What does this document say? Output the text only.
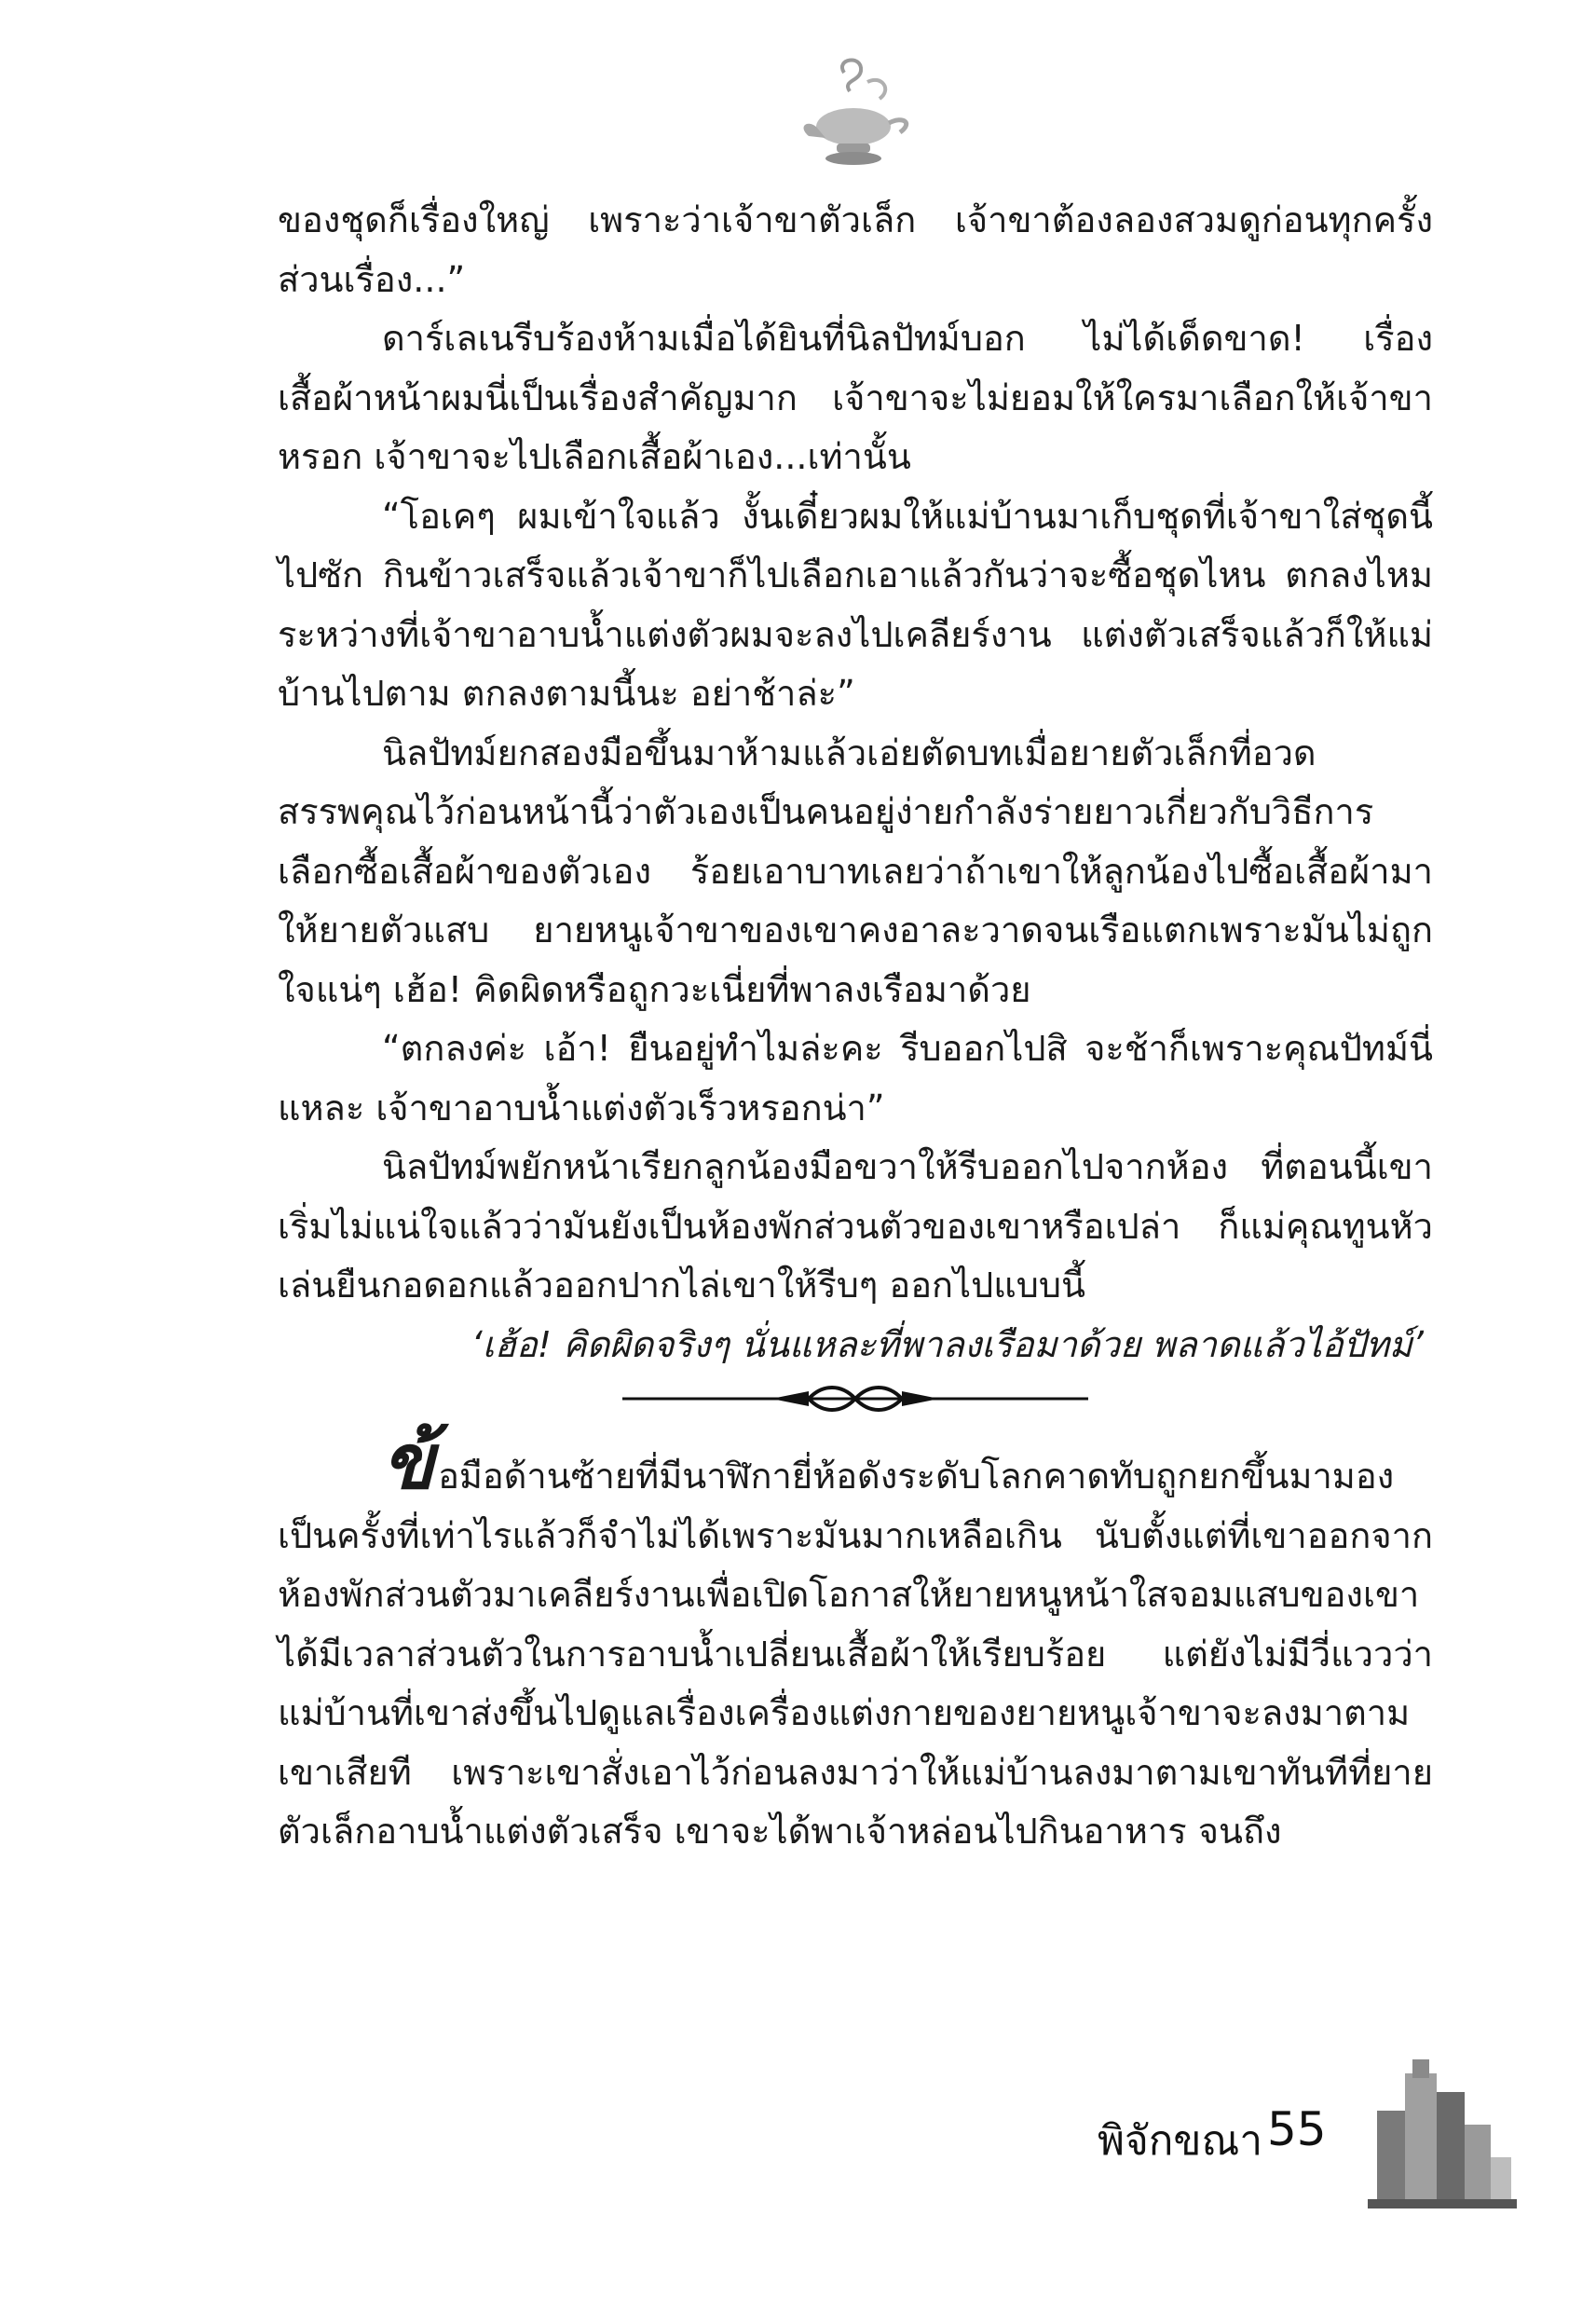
ของชุดก็เรื่องใหญ่ เพราะว่าเจ้าขาตัวเล็ก เจ้าขาต้องลองสวมดูก่อนทุกครั้ง ส่วนเรื่อง...”

ดาร์เลเนรีบร้องห้ามเมื่อได้ยินที่นิลปัทม์บอก ไม่ได้เด็ดขาด! เรื่องเสื้อผ้าหน้าผมนี่เป็นเรื่องสำคัญมาก เจ้าขาจะไม่ยอมให้ใครมาเลือกให้เจ้าขาหรอก เจ้าขาจะไปเลือกเสื้อผ้าเอง...เท่านั้น

“โอเคๆ ผมเข้าใจแล้ว งั้นเดี๋ยวผมให้แม่บ้านมาเก็บชุดที่เจ้าขาใส่ชุดนี้ไปซัก กินข้าวเสร็จแล้วเจ้าขาก็ไปเลือกเอาแล้วกันว่าจะซื้อชุดไหน ตกลงไหม ระหว่างที่เจ้าขาอาบน้ำแต่งตัวผมจะลงไปเคลียร์งาน แต่งตัวเสร็จแล้วก็ให้แม่บ้านไปตาม ตกลงตามนี้นะ อย่าช้าล่ะ”

นิลปัทม์ยกสองมือขึ้นมาห้ามแล้วเอ่ยตัดบทเมื่อยายตัวเล็กที่อวดสรรพคุณไว้ก่อนหน้านี้ว่าตัวเองเป็นคนอยู่ง่ายกำลังร่ายยาวเกี่ยวกับวิธีการเลือกซื้อเสื้อผ้าของตัวเอง ร้อยเอาบาทเลยว่าถ้าเขาให้ลูกน้องไปซื้อเสื้อผ้ามาให้ยายตัวแสบ ยายหนูเจ้าขาของเขาคงอาละวาดจนเรือแตกเพราะมันไม่ถูกใจแน่ๆ เฮ้อ! คิดผิดหรือถูกวะเนี่ยที่พาลงเรือมาด้วย

“ตกลงค่ะ เอ้า! ยืนอยู่ทำไมล่ะคะ รีบออกไปสิ จะช้าก็เพราะคุณปัทม์นี่แหละ เจ้าขาอาบน้ำแต่งตัวเร็วหรอกน่า”

นิลปัทม์พยักหน้าเรียกลูกน้องมือขวาให้รีบออกไปจากห้อง ที่ตอนนี้เขาเริ่มไม่แน่ใจแล้วว่ามันยังเป็นห้องพักส่วนตัวของเขาหรือเปล่า ก็แม่คุณทูนหัวเล่นยืนกอดอกแล้วออกปากไล่เขาให้รีบๆ ออกไปแบบนี้

‘เฮ้อ! คิดผิดจริงๆ นั่นแหละที่พาลงเรือมาด้วย พลาดแล้วไอ้ปัทม์’

ข้อมือด้านซ้ายที่มีนาฬิกายี่ห้อดังระดับโลกคาดทับถูกยกขึ้นมามองเป็นครั้งที่เท่าไรแล้วก็จำไม่ได้เพราะมันมากเหลือเกิน นับตั้งแต่ที่เขาออกจากห้องพักส่วนตัวมาเคลียร์งานเพื่อเปิดโอกาสให้ยายหนูหน้าใสจอมแสบของเขาได้มีเวลาส่วนตัวในการอาบน้ำเปลี่ยนเสื้อผ้าให้เรียบร้อย แต่ยังไม่มีวี่แววว่าแม่บ้านที่เขาส่งขึ้นไปดูแลเรื่องเครื่องแต่งกายของยายหนูเจ้าขาจะลงมาตามเขาเสียที เพราะเขาสั่งเอาไว้ก่อนลงมาว่าให้แม่บ้านลงมาตามเขาทันทีที่ยายตัวเล็กอาบน้ำแต่งตัวเสร็จ เขาจะได้พาเจ้าหล่อนไปกินอาหาร จนถึง

พิจักขณา 55
